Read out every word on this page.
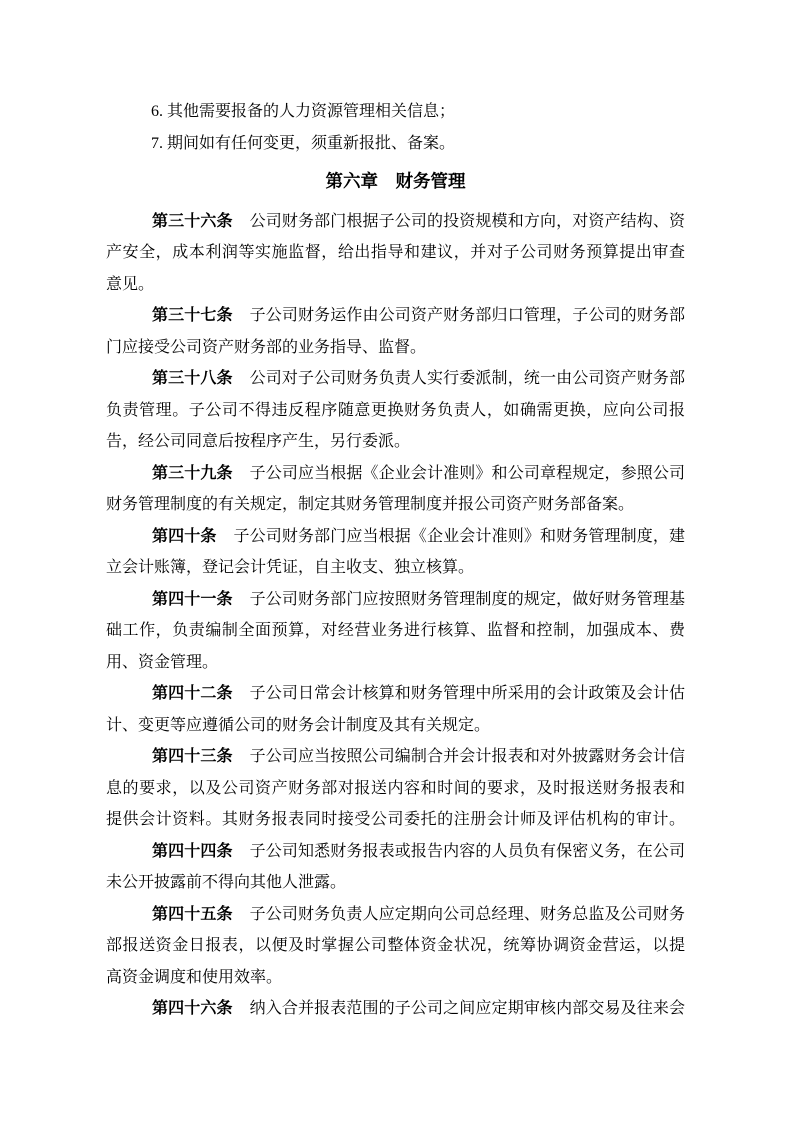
6. 其他需要报备的人力资源管理相关信息；
7. 期间如有任何变更，须重新报批、备案。
第六章　财务管理
第三十六条 公司财务部门根据子公司的投资规模和方向，对资产结构、资
产安全，成本利润等实施监督，给出指导和建议，并对子公司财务预算提出审查
意见。
第三十七条 子公司财务运作由公司资产财务部归口管理，子公司的财务部
门应接受公司资产财务部的业务指导、监督。
第三十八条 公司对子公司财务负责人实行委派制，统一由公司资产财务部
负责管理。子公司不得违反程序随意更换财务负责人，如确需更换，应向公司报
告，经公司同意后按程序产生，另行委派。
第三十九条 子公司应当根据《企业会计准则》和公司章程规定，参照公司
财务管理制度的有关规定，制定其财务管理制度并报公司资产财务部备案。
第四十条 子公司财务部门应当根据《企业会计准则》和财务管理制度，建
立会计账簿，登记会计凭证，自主收支、独立核算。
第四十一条 子公司财务部门应按照财务管理制度的规定，做好财务管理基
础工作，负责编制全面预算，对经营业务进行核算、监督和控制，加强成本、费
用、资金管理。
第四十二条 子公司日常会计核算和财务管理中所采用的会计政策及会计估
计、变更等应遵循公司的财务会计制度及其有关规定。
第四十三条 子公司应当按照公司编制合并会计报表和对外披露财务会计信
息的要求，以及公司资产财务部对报送内容和时间的要求，及时报送财务报表和
提供会计资料。其财务报表同时接受公司委托的注册会计师及评估机构的审计。
第四十四条 子公司知悉财务报表或报告内容的人员负有保密义务，在公司
未公开披露前不得向其他人泄露。
第四十五条 子公司财务负责人应定期向公司总经理、财务总监及公司财务
部报送资金日报表，以便及时掌握公司整体资金状况，统筹协调资金营运，以提
高资金调度和使用效率。
第四十六条 纳入合并报表范围的子公司之间应定期审核内部交易及往来会
